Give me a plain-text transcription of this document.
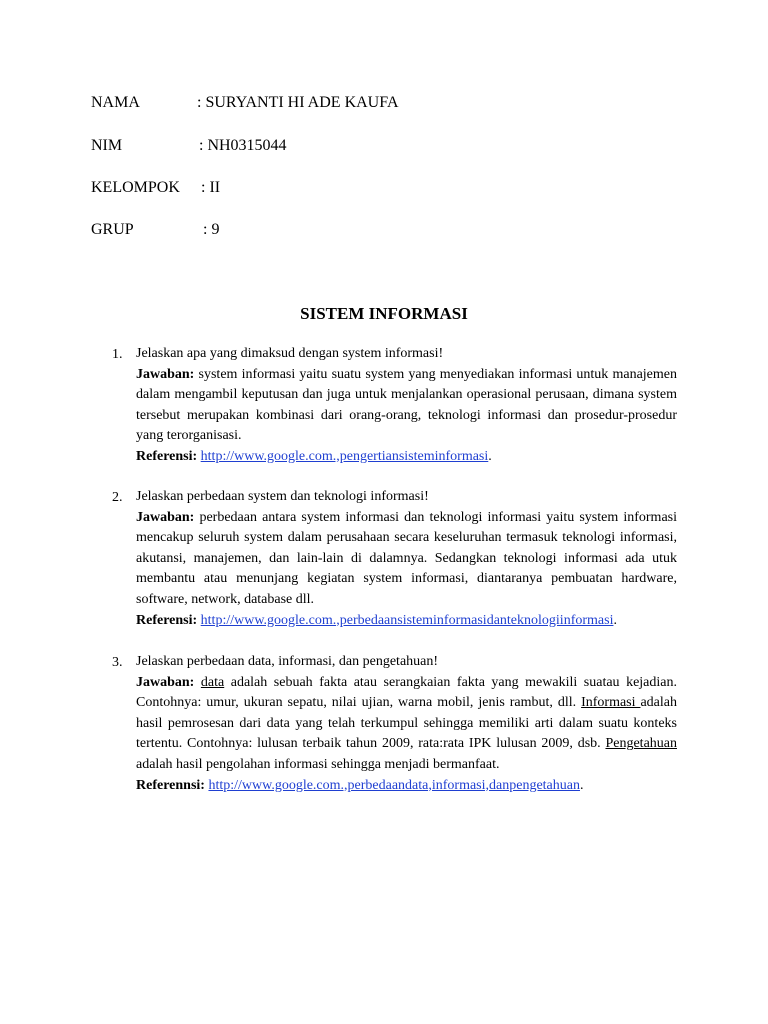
NAMA	: SURYANTI HI ADE KAUFA
NIM	: NH0315044
KELOMPOK : II
GRUP	: 9
SISTEM INFORMASI
1. Jelaskan apa yang dimaksud dengan system informasi!
Jawaban: system informasi yaitu suatu system yang menyediakan informasi untuk manajemen dalam mengambil keputusan dan juga untuk menjalankan operasional perusaan, dimana system tersebut merupakan kombinasi dari orang-orang, teknologi informasi dan prosedur-prosedur yang terorganisasi.
Referensi: http://www.google.com.,pengertiansisteminformasi.
2. Jelaskan perbedaan system dan teknologi informasi!
Jawaban: perbedaan antara system informasi dan teknologi informasi yaitu system informasi mencakup seluruh system dalam perusahaan secara keseluruhan termasuk teknologi informasi, akutansi, manajemen, dan lain-lain di dalamnya. Sedangkan teknologi informasi ada utuk membantu atau menunjang kegiatan system informasi, diantaranya pembuatan hardware, software, network, database dll.
Referensi: http://www.google.com.,perbedaansisteminformasidanteknologiinformasi.
3. Jelaskan perbedaan data, informasi, dan pengetahuan!
Jawaban: data adalah sebuah fakta atau serangkaian fakta yang mewakili suatau kejadian. Contohnya: umur, ukuran sepatu, nilai ujian, warna mobil, jenis rambut, dll. Informasi adalah hasil pemrosesan dari data yang telah terkumpul sehingga memiliki arti dalam suatu konteks tertentu. Contohnya: lulusan terbaik tahun 2009, rata:rata IPK lulusan 2009, dsb. Pengetahuan adalah hasil pengolahan informasi sehingga menjadi bermanfaat.
Referennsi: http://www.google.com.,perbedaandata,informasi,danpengetahuan.
